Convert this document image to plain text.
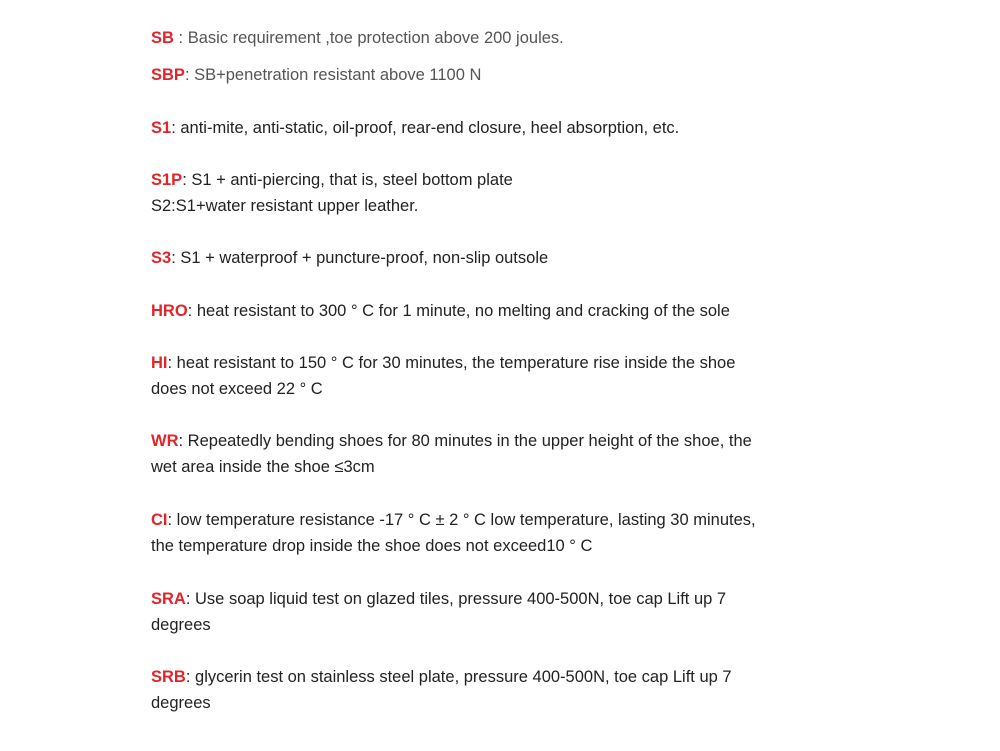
SB : Basic requirement ,toe protection above 200 joules.
SBP: SB+penetration resistant above 1100 N
S1: anti-mite, anti-static, oil-proof, rear-end closure, heel absorption, etc.
S1P: S1 + anti-piercing, that is, steel bottom plate
S2:S1+water resistant upper leather.
S3: S1 + waterproof + puncture-proof, non-slip outsole
HRO: heat resistant to 300 ° C for 1 minute, no melting and cracking of the sole
HI: heat resistant to 150 ° C for 30 minutes, the temperature rise inside the shoe
does not exceed 22 ° C
WR: Repeatedly bending shoes for 80 minutes in the upper height of the shoe, the
wet area inside the shoe ≤3cm
CI: low temperature resistance -17 ° C ± 2 ° C low temperature, lasting 30 minutes,
the temperature drop inside the shoe does not exceed10 ° C
SRA: Use soap liquid test on glazed tiles, pressure 400-500N, toe cap Lift up 7
degrees
SRB: glycerin test on stainless steel plate, pressure 400-500N, toe cap Lift up 7
degrees
